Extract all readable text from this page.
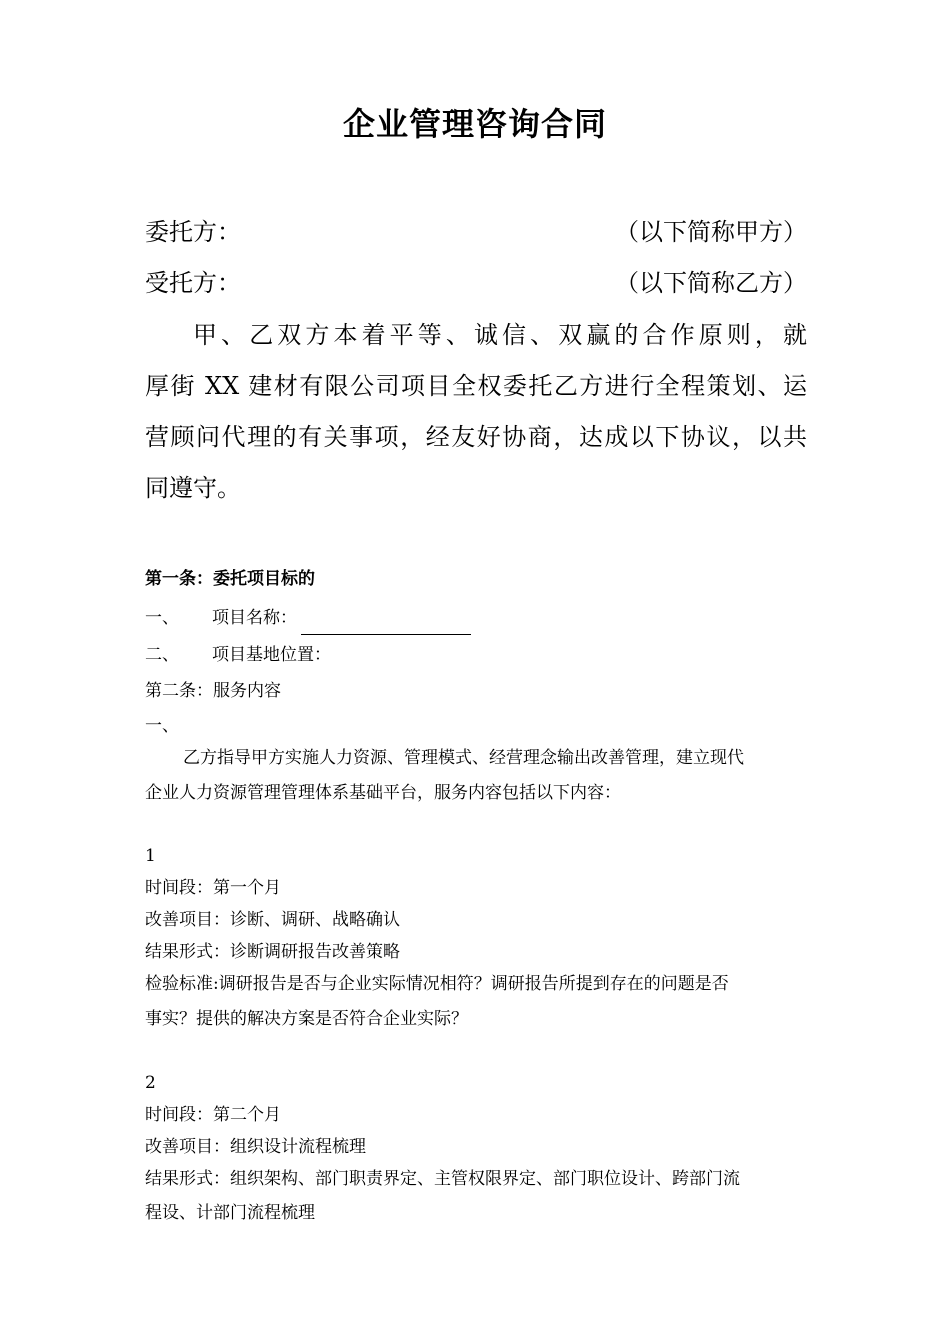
企业管理咨询合同
委托方：	（以下简称甲方）
受托方：	（以下简称乙方）
甲、乙双方本着平等、诚信、双赢的合作原则，就
厚街 XX 建材有限公司项目全权委托乙方进行全程策划、运
营顾问代理的有关事项，经友好协商，达成以下协议，以共
同遵守。
第一条：委托项目标的
一、 项目名称：
二、 项目基地位置：
第二条：服务内容
一、
乙方指导甲方实施人力资源、管理模式、经营理念输出改善管理，建立现代
企业人力资源管理管理体系基础平台，服务内容包括以下内容：
1
时间段：第一个月
改善项目：诊断、调研、战略确认
结果形式：诊断调研报告改善策略
检验标准:调研报告是否与企业实际情况相符？调研报告所提到存在的问题是否
事实？提供的解决方案是否符合企业实际？
2
时间段：第二个月
改善项目：组织设计流程梳理
结果形式：组织架构、部门职责界定、主管权限界定、部门职位设计、跨部门流
程设、计部门流程梳理
